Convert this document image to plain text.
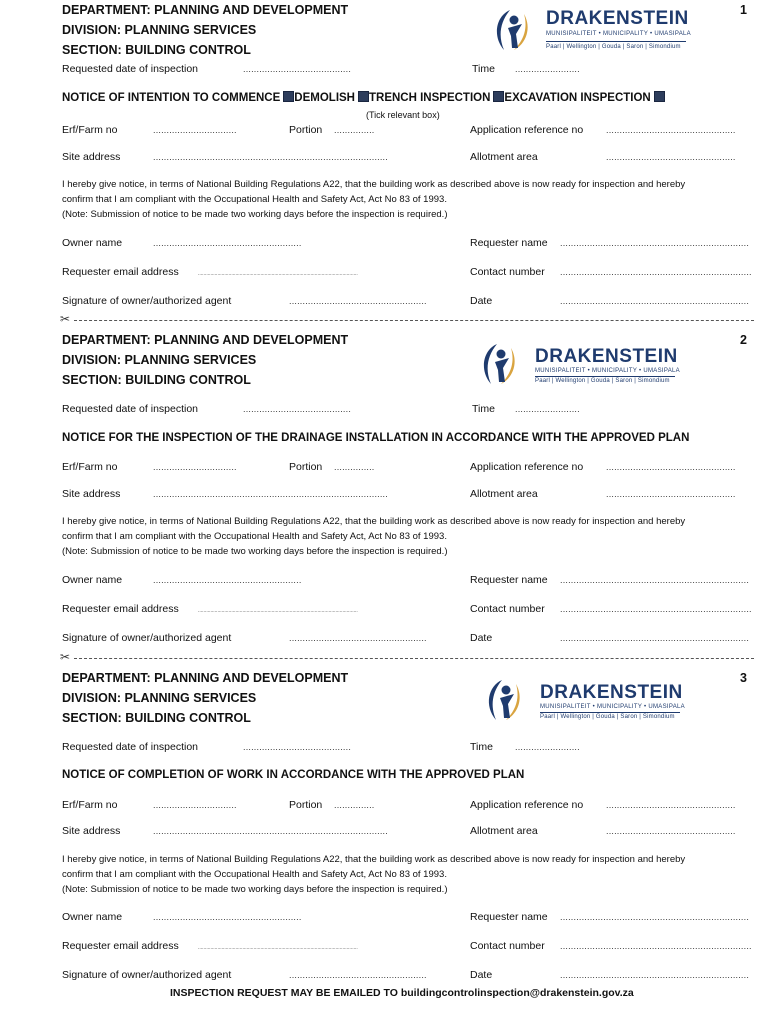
DEPARTMENT: PLANNING AND DEVELOPMENT
DIVISION: PLANNING SERVICES
SECTION: BUILDING CONTROL
1
DRAKENSTEIN
MUNISIPALITEIT • MUNICIPALITY • UMASIPALA
Paarl | Wellington | Gouda | Saron | Simondium
Requested date of inspection	........................................	Time ........................
NOTICE OF INTENTION TO COMMENCE DEMOLISH TRENCH INSPECTION EXCAVATION INSPECTION
(Tick relevant box)
Erf/Farm no	...............................	Portion ...............	Application reference no	................................................
Site address	.......................................................................................	Allotment area	................................................
I hereby give notice, in terms of National Building Regulations A22, that the building work as described above is now ready for inspection and hereby
confirm that I am compliant with the Occupational Health and Safety Act, Act No 83 of 1993.
(Note: Submission of notice to be made two working days before the inspection is required.)
Owner name	.......................................................	Requester name ......................................................................
Requester email address	...................................................................................................................	Contact number .......................................................................
Signature of owner/authorized agent	...................................................	Date	......................................................................
✂
DEPARTMENT: PLANNING AND DEVELOPMENT
DIVISION: PLANNING SERVICES
SECTION: BUILDING CONTROL
2
DRAKENSTEIN
MUNISIPALITEIT • MUNICIPALITY • UMASIPALA
Paarl | Wellington | Gouda | Saron | Simondium
Requested date of inspection	........................................	Time ........................
NOTICE FOR THE INSPECTION OF THE DRAINAGE INSTALLATION IN ACCORDANCE WITH THE APPROVED PLAN
Erf/Farm no	...............................	Portion ...............	Application reference no	................................................
Site address	.......................................................................................	Allotment area	................................................
I hereby give notice, in terms of National Building Regulations A22, that the building work as described above is now ready for inspection and hereby
confirm that I am compliant with the Occupational Health and Safety Act, Act No 83 of 1993.
(Note: Submission of notice to be made two working days before the inspection is required.)
Owner name	.......................................................	Requester name ......................................................................
Requester email address	...................................................................................................................	Contact number .......................................................................
Signature of owner/authorized agent	...................................................	Date	......................................................................
✂
DEPARTMENT: PLANNING AND DEVELOPMENT
DIVISION: PLANNING SERVICES
SECTION: BUILDING CONTROL
3
DRAKENSTEIN
MUNISIPALITEIT • MUNICIPALITY • UMASIPALA
Paarl | Wellington | Gouda | Saron | Simondium
Requested date of inspection	........................................	Time ........................
NOTICE OF COMPLETION OF WORK IN ACCORDANCE WITH THE APPROVED PLAN
Erf/Farm no	...............................	Portion ...............	Application reference no	................................................
Site address	.......................................................................................	Allotment area	................................................
I hereby give notice, in terms of National Building Regulations A22, that the building work as described above is now ready for inspection and hereby
confirm that I am compliant with the Occupational Health and Safety Act, Act No 83 of 1993.
(Note: Submission of notice to be made two working days before the inspection is required.)
Owner name	.......................................................	Requester name ......................................................................
Requester email address	...................................................................................................................	Contact number .......................................................................
Signature of owner/authorized agent	...................................................	Date	......................................................................
INSPECTION REQUEST MAY BE EMAILED TO buildingcontrolinspection@drakenstein.gov.za
